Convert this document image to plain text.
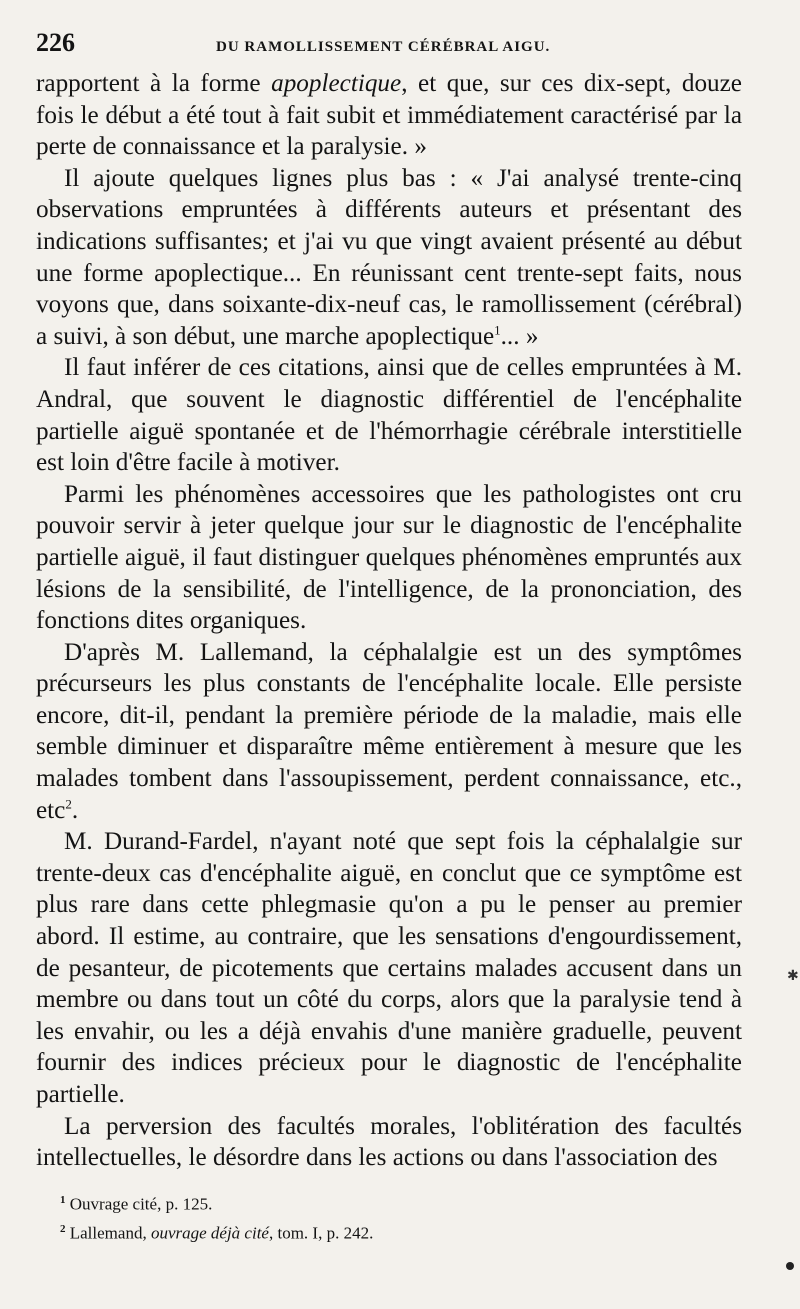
226	DU RAMOLLISSEMENT CÉRÉBRAL AIGU.

rapportent à la forme apoplectique, et que, sur ces dix-sept, douze fois le début a été tout à fait subit et immédiatement caractérisé par la perte de connaissance et la paralysie. »

Il ajoute quelques lignes plus bas : « J'ai analysé trente-cinq observations empruntées à différents auteurs et présentant des indications suffisantes; et j'ai vu que vingt avaient présenté au début une forme apoplectique... En réunissant cent trente-sept faits, nous voyons que, dans soixante-dix-neuf cas, le ramollissement (cérébral) a suivi, à son début, une marche apoplectique$^1$... »

Il faut inférer de ces citations, ainsi que de celles empruntées à M. Andral, que souvent le diagnostic différentiel de l'encéphalite partielle aiguë spontanée et de l'hémorrhagie cérébrale interstitielle est loin d'être facile à motiver.

Parmi les phénomènes accessoires que les pathologistes ont cru pouvoir servir à jeter quelque jour sur le diagnostic de l'encéphalite partielle aiguë, il faut distinguer quelques phénomènes empruntés aux lésions de la sensibilité, de l'intelligence, de la prononciation, des fonctions dites organiques.

D'après M. Lallemand, la céphalalgie est un des symptômes précurseurs les plus constants de l'encéphalite locale. Elle persiste encore, dit-il, pendant la première période de la maladie, mais elle semble diminuer et disparaître même entièrement à mesure que les malades tombent dans l'assoupissement, perdent connaissance, etc., etc$^2$.

M. Durand-Fardel, n'ayant noté que sept fois la céphalalgie sur trente-deux cas d'encéphalite aiguë, en conclut que ce symptôme est plus rare dans cette phlegmasie qu'on a pu le penser au premier abord. Il estime, au contraire, que les sensations d'engourdissement, de pesanteur, de picotements que certains malades accusent dans un membre ou dans tout un côté du corps, alors que la paralysie tend à les envahir, ou les a déjà envahis d'une manière graduelle, peuvent fournir des indices précieux pour le diagnostic de l'encéphalite partielle.

La perversion des facultés morales, l'oblitération des facultés intellectuelles, le désordre dans les actions ou dans l'association des

$^1$ Ouvrage cité, p. 125.

$^2$ Lallemand, ouvrage déjà cité, tom. I, p. 242.

✱
